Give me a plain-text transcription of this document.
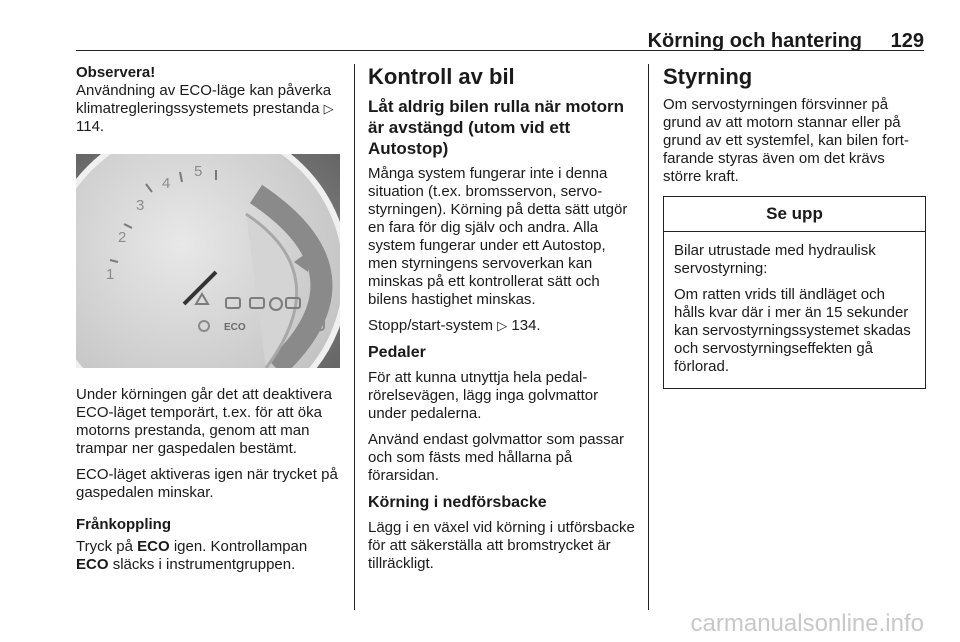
Körning och hantering 129
Observera!
Användning av ECO-läge kan påverka klimatregleringssystemets prestanda ▷ 114.
4
3
2
1
5
ECO

Under körningen går det att deaktivera ECO-läget temporärt, t.ex. för att öka motorns prestanda, genom att man trampar ner gaspedalen bestämt.

ECO-läget aktiveras igen när trycket på gaspedalen minskar.

Frånkoppling

Tryck på ECO igen. Kontrollampan ECO släcks i instrumentgruppen.

Kontroll av bil
Låt aldrig bilen rulla när motorn är avstängd (utom vid ett Autostop)

Många system fungerar inte i denna situation (t.ex. bromsservon, servostyrningen). Körning på detta sätt utgör en fara för dig själv och andra. Alla system fungerar under ett Autostop, men styrningens servoverkan kan minskas på ett kontrollerat sätt och bilens hastighet minskas.

Stopp/start-system ▷ 134.

Pedaler

För att kunna utnyttja hela pedalrörelsevägen, lägg inga golvmattor under pedalerna.

Använd endast golvmattor som passar och som fästs med hållarna på förarsidan.

Körning i nedförsbacke

Lägg i en växel vid körning i utförsbacke för att säkerställa att bromstrycket är tillräckligt.

Styrning

Om servostyrningen försvinner på grund av att motorn stannar eller på grund av ett systemfel, kan bilen fortfarande styras även om det krävs större kraft.

Se upp

Bilar utrustade med hydraulisk servostyrning:

Om ratten vrids till ändläget och hålls kvar där i mer än 15 sekunder kan servostyrningssystemet skadas och servostyrningseffekten gå förlorad.

carmanualsonline.info
